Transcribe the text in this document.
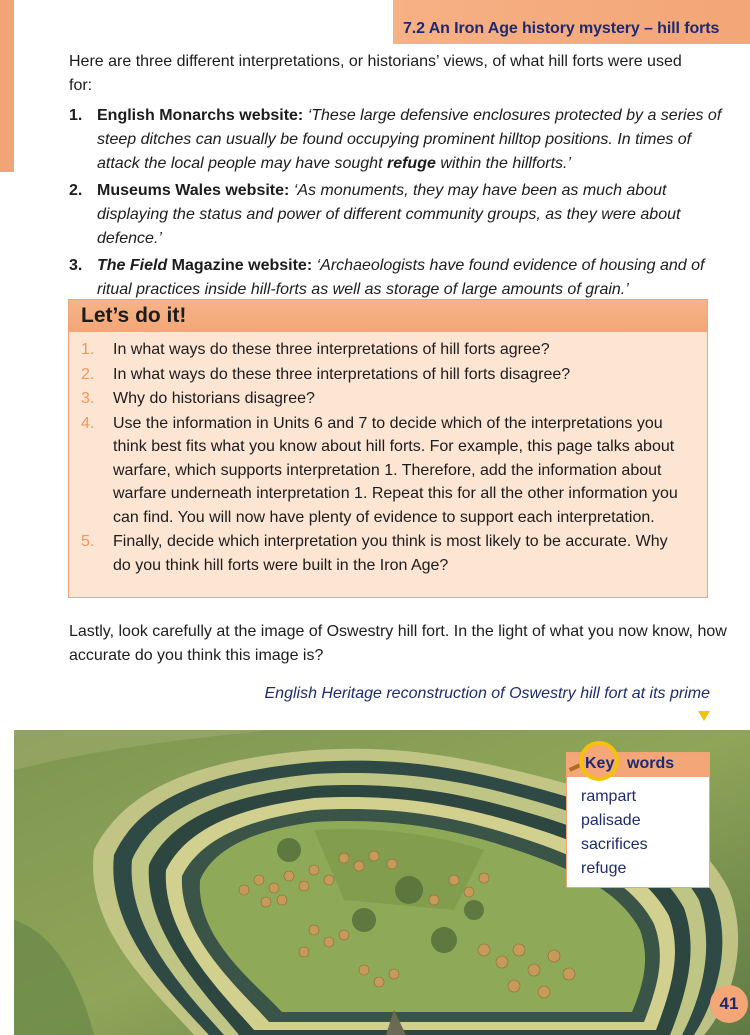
7.2 An Iron Age history mystery – hill forts
Here are three different interpretations, or historians’ views, of what hill forts were used for:
1. English Monarchs website: ‘These large defensive enclosures protected by a series of steep ditches can usually be found occupying prominent hilltop positions. In times of attack the local people may have sought refuge within the hillforts.’
2. Museums Wales website: ‘As monuments, they may have been as much about displaying the status and power of different community groups, as they were about defence.’
3. The Field Magazine website: ‘Archaeologists have found evidence of housing and of ritual practices inside hill-forts as well as storage of large amounts of grain.’
Let’s do it!
1. In what ways do these three interpretations of hill forts agree?
2. In what ways do these three interpretations of hill forts disagree?
3. Why do historians disagree?
4. Use the information in Units 6 and 7 to decide which of the interpretations you think best fits what you know about hill forts. For example, this page talks about warfare, which supports interpretation 1. Therefore, add the information about warfare underneath interpretation 1. Repeat this for all the other information you can find. You will now have plenty of evidence to support each interpretation.
5. Finally, decide which interpretation you think is most likely to be accurate. Why do you think hill forts were built in the Iron Age?
Lastly, look carefully at the image of Oswestry hill fort. In the light of what you now know, how accurate do you think this image is?
English Heritage reconstruction of Oswestry hill fort at its prime
Key words
rampart
palisade
sacrifices
refuge
41
